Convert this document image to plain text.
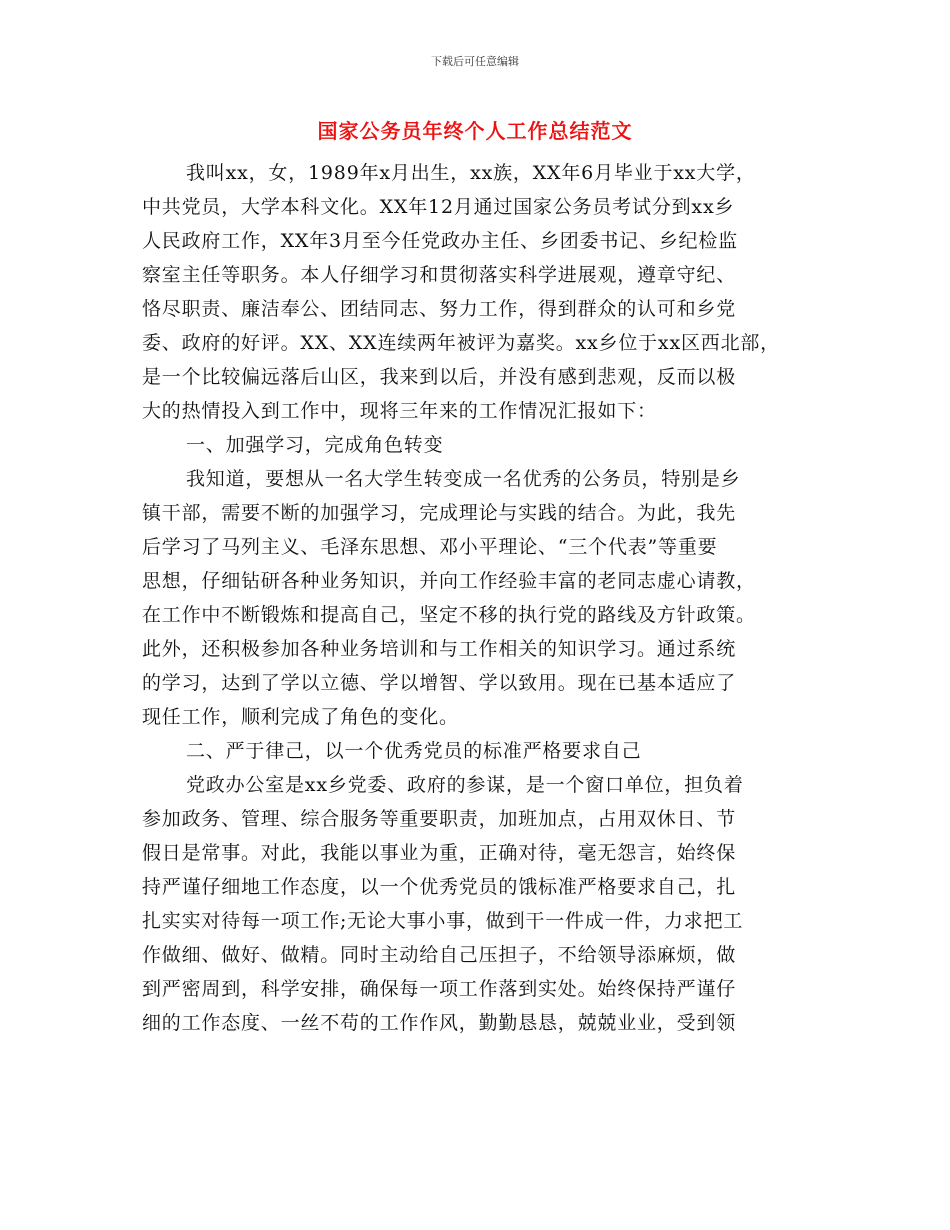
下载后可任意编辑
国家公务员年终个人工作总结范文
我叫xx，女，1989年x月出生，xx族，XX年6月毕业于xx大学，
中共党员，大学本科文化。XX年12月通过国家公务员考试分到xx乡
人民政府工作，XX年3月至今任党政办主任、乡团委书记、乡纪检监
察室主任等职务。本人仔细学习和贯彻落实科学进展观，遵章守纪、
恪尽职责、廉洁奉公、团结同志、努力工作，得到群众的认可和乡党
委、政府的好评。XX、XX连续两年被评为嘉奖。xx乡位于xx区西北部，
是一个比较偏远落后山区，我来到以后，并没有感到悲观，反而以极
大的热情投入到工作中，现将三年来的工作情况汇报如下：
一、加强学习，完成角色转变
我知道，要想从一名大学生转变成一名优秀的公务员，特别是乡
镇干部，需要不断的加强学习，完成理论与实践的结合。为此，我先
后学习了马列主义、毛泽东思想、邓小平理论、“三个代表”等重要
思想，仔细钻研各种业务知识，并向工作经验丰富的老同志虚心请教，
在工作中不断锻炼和提高自己，坚定不移的执行党的路线及方针政策。
此外，还积极参加各种业务培训和与工作相关的知识学习。通过系统
的学习，达到了学以立德、学以增智、学以致用。现在已基本适应了
现任工作，顺利完成了角色的变化。
二、严于律己，以一个优秀党员的标准严格要求自己
党政办公室是xx乡党委、政府的参谋，是一个窗口单位，担负着
参加政务、管理、综合服务等重要职责，加班加点，占用双休日、节
假日是常事。对此，我能以事业为重，正确对待，毫无怨言，始终保
持严谨仔细地工作态度，以一个优秀党员的饿标准严格要求自己，扎
扎实实对待每一项工作;无论大事小事，做到干一件成一件，力求把工
作做细、做好、做精。同时主动给自己压担子，不给领导添麻烦，做
到严密周到，科学安排，确保每一项工作落到实处。始终保持严谨仔
细的工作态度、一丝不苟的工作作风，勤勤恳恳，兢兢业业，受到领
